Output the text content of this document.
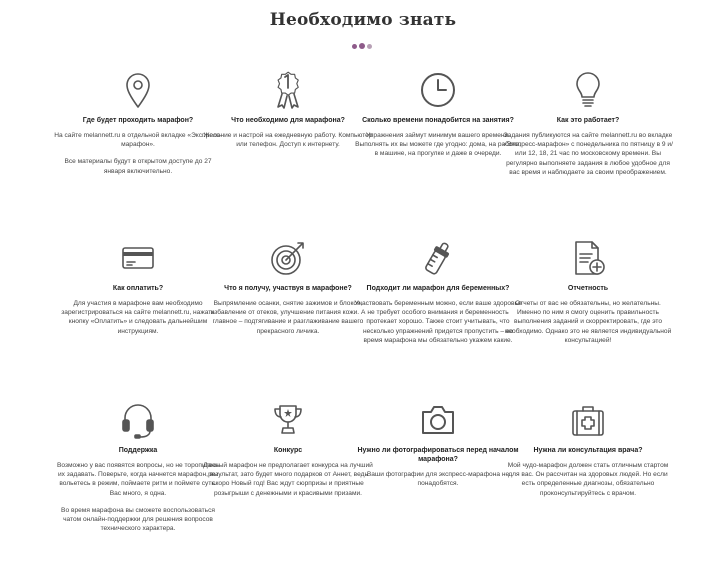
Необходимо знать
Где будет проходить марафон?

На сайте melannett.ru в отдельной вкладке «Экспресс-марафон».

Все материалы будут в открытом доступе до 27 января включительно.

Что необходимо для марафона?

Желание и настрой на ежедневную работу. Компьютер или телефон. Доступ к интернету.

Сколько времени понадобится на занятия?

Упражнения займут минимум вашего времени. Выполнять их вы можете где угодно: дома, на работе, в машине, на прогулке и даже в очереди.

Как это работает?

Задания публикуются на сайте melannett.ru во вкладке «Экспресс-марафон» с понедельника по пятницу в 9 и/или 12, 18, 21 час по московскому времени. Вы регулярно выполняете задания в любое удобное для вас время и наблюдаете за своим преображением.

Как оплатить?

Для участия в марафоне вам необходимо зарегистрироваться на сайте melannett.ru, нажать кнопку «Оплатить» и следовать дальнейшим инструкциям.

Что я получу, участвуя в марафоне?

Выпрямление осанки, снятие зажимов и блоков, избавление от отеков, улучшение питания кожи. А главное – подтягивание и разглаживание вашего прекрасного личика.

Подходит ли марафон для беременных?

Участвовать беременным можно, если ваше здоровье не требует особого внимания и беременность протекает хорошо. Также стоит учитывать, что несколько упражнений придется пропустить – во время марафона мы обязательно укажем какие.

Отчетность

Отчеты от вас не обязательны, но желательны. Именно по ним я смогу оценить правильность выполнения заданий и скорректировать, где это необходимо. Однако это не является индивидуальной консультацией!

Поддержка

Возможно у вас появятся вопросы, но не торопитесь их задавать. Поверьте, когда начнется марафон, вы вольетесь в режим, поймаете ритм и поймете суть. Вас много, я одна.

Во время марафона вы сможете воспользоваться чатом онлайн-поддержки для решения вопросов технического характера.

Конкурс

Данный марафон не предполагает конкурса на лучший результат, зато будет много подарков от Аннет, ведь скоро Новый год! Вас ждут сюрпризы и приятные розыгрыши с денежными и красивыми призами.

Нужно ли фотографироваться перед началом марафона?

Ваши фотографии для экспресс-марафона не понадобятся.

Нужна ли консультация врача?

Мой чудо-марафон должен стать отличным стартом для вас. Он рассчитан на здоровых людей. Но если есть определенные диагнозы, обязательно проконсультируйтесь с врачом.
